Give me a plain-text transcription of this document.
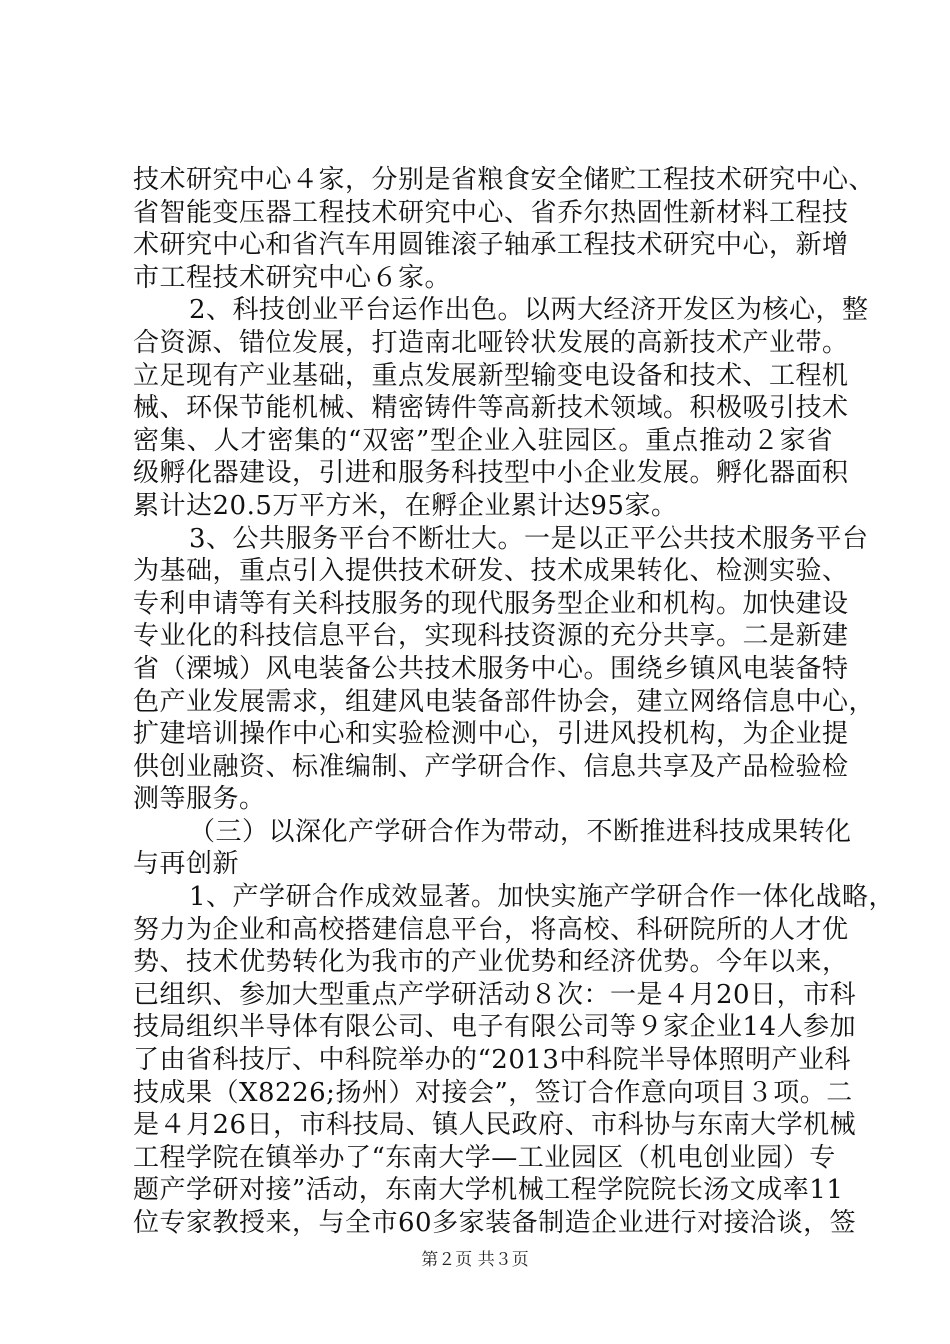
技术研究中心４家，分别是省粮食安全储贮工程技术研究中心、
省智能变压器工程技术研究中心、省乔尔热固性新材料工程技
术研究中心和省汽车用圆锥滚子轴承工程技术研究中心，新增
市工程技术研究中心６家。
2、科技创业平台运作出色。以两大经济开发区为核心，整
合资源、错位发展，打造南北哑铃状发展的高新技术产业带。
立足现有产业基础，重点发展新型输变电设备和技术、工程机
械、环保节能机械、精密铸件等高新技术领域。积极吸引技术
密集、人才密集的“双密”型企业入驻园区。重点推动２家省
级孵化器建设，引进和服务科技型中小企业发展。孵化器面积
累计达20.5万平方米，在孵企业累计达95家。
3、公共服务平台不断壮大。一是以正平公共技术服务平台
为基础，重点引入提供技术研发、技术成果转化、检测实验、
专利申请等有关科技服务的现代服务型企业和机构。加快建设
专业化的科技信息平台，实现科技资源的充分共享。二是新建
省（溧城）风电装备公共技术服务中心。围绕乡镇风电装备特
色产业发展需求，组建风电装备部件协会，建立网络信息中心，
扩建培训操作中心和实验检测中心，引进风投机构，为企业提
供创业融资、标准编制、产学研合作、信息共享及产品检验检
测等服务。
（三）以深化产学研合作为带动，不断推进科技成果转化
与再创新
1、产学研合作成效显著。加快实施产学研合作一体化战略，
努力为企业和高校搭建信息平台，将高校、科研院所的人才优
势、技术优势转化为我市的产业优势和经济优势。今年以来，
已组织、参加大型重点产学研活动８次：一是４月20日，市科
技局组织半导体有限公司、电子有限公司等９家企业14人参加
了由省科技厅、中科院举办的“2013中科院半导体照明产业科
技成果（X8226;扬州）对接会”，签订合作意向项目３项。二
是４月26日，市科技局、镇人民政府、市科协与东南大学机械
工程学院在镇举办了“东南大学—工业园区（机电创业园）专
题产学研对接”活动，东南大学机械工程学院院长汤文成率11
位专家教授来，与全市60多家装备制造企业进行对接洽谈，签
第２页 共３页
